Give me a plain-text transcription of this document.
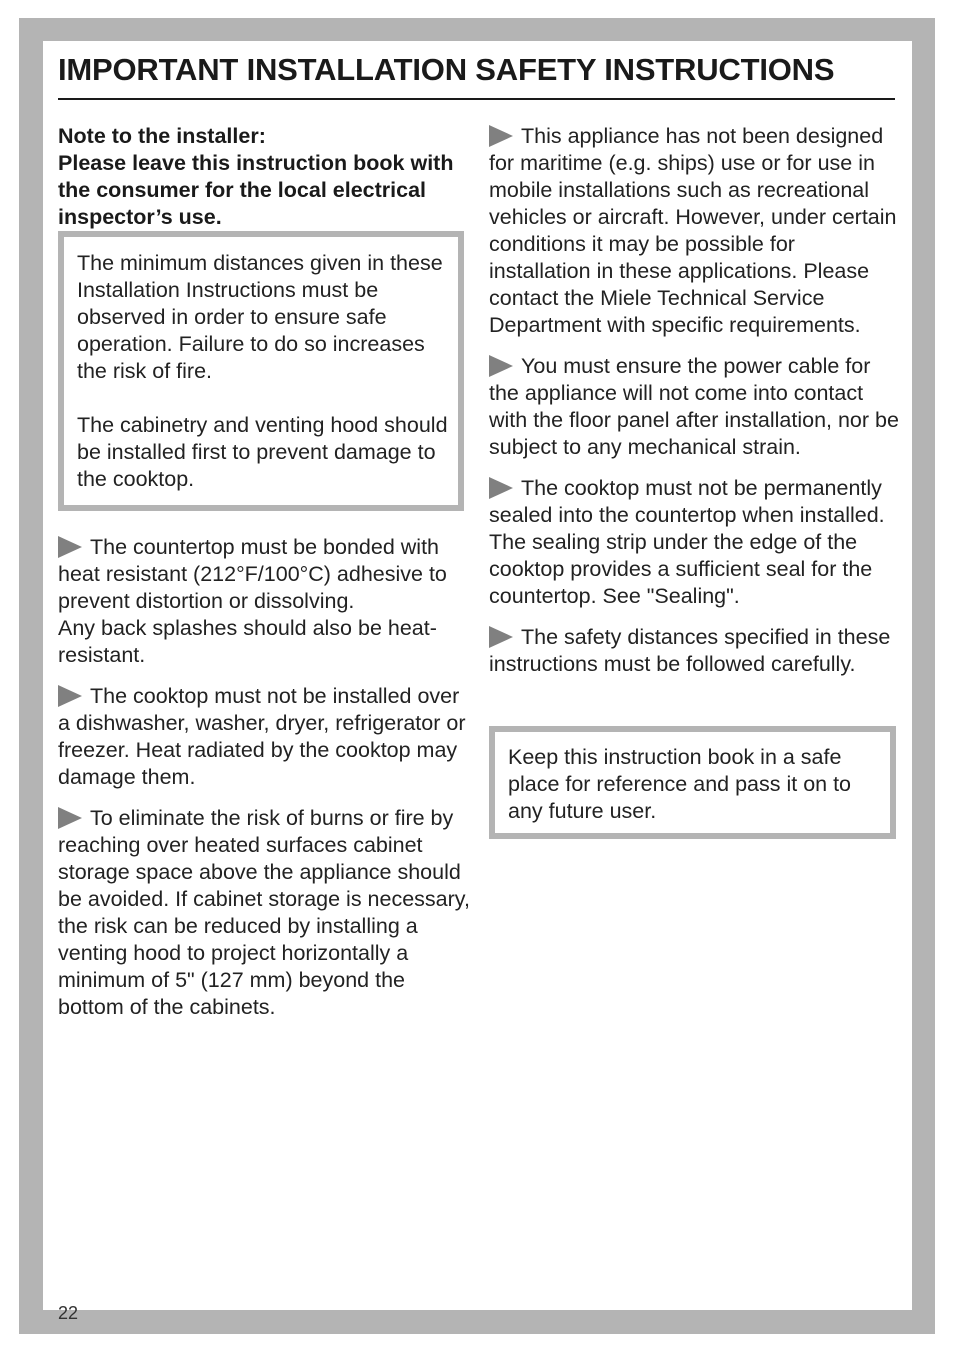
IMPORTANT INSTALLATION SAFETY INSTRUCTIONS

Note to the installer:
Please leave this instruction book with the consumer for the local electrical inspector’s use.

The minimum distances given in these Installation Instructions must be observed in order to ensure safe operation. Failure to do so increases the risk of fire.

The cabinetry and venting hood should be installed first to prevent damage to the cooktop.

The countertop must be bonded with heat resistant (212°F/100°C) adhesive to prevent distortion or dissolving.

Any back splashes should also be heat-resistant.

The cooktop must not be installed over a dishwasher, washer, dryer, refrigerator or freezer. Heat radiated by the cooktop may damage them.

To eliminate the risk of burns or fire by reaching over heated surfaces cabinet storage space above the appliance should be avoided. If cabinet storage is necessary, the risk can be reduced by installing a venting hood to project horizontally a minimum of 5" (127 mm) beyond the bottom of the cabinets.

This appliance has not been designed for maritime (e.g. ships) use or for use in mobile installations such as recreational vehicles or aircraft. However, under certain conditions it may be possible for installation in these applications. Please contact the Miele Technical Service Department with specific requirements.

You must ensure the power cable for the appliance will not come into contact with the floor panel after installation, nor be subject to any mechanical strain.

The cooktop must not be permanently sealed into the countertop when installed. The sealing strip under the edge of the cooktop provides a sufficient seal for the countertop. See "Sealing".

The safety distances specified in these instructions must be followed carefully.

Keep this instruction book in a safe place for reference and pass it on to any future user.

22
